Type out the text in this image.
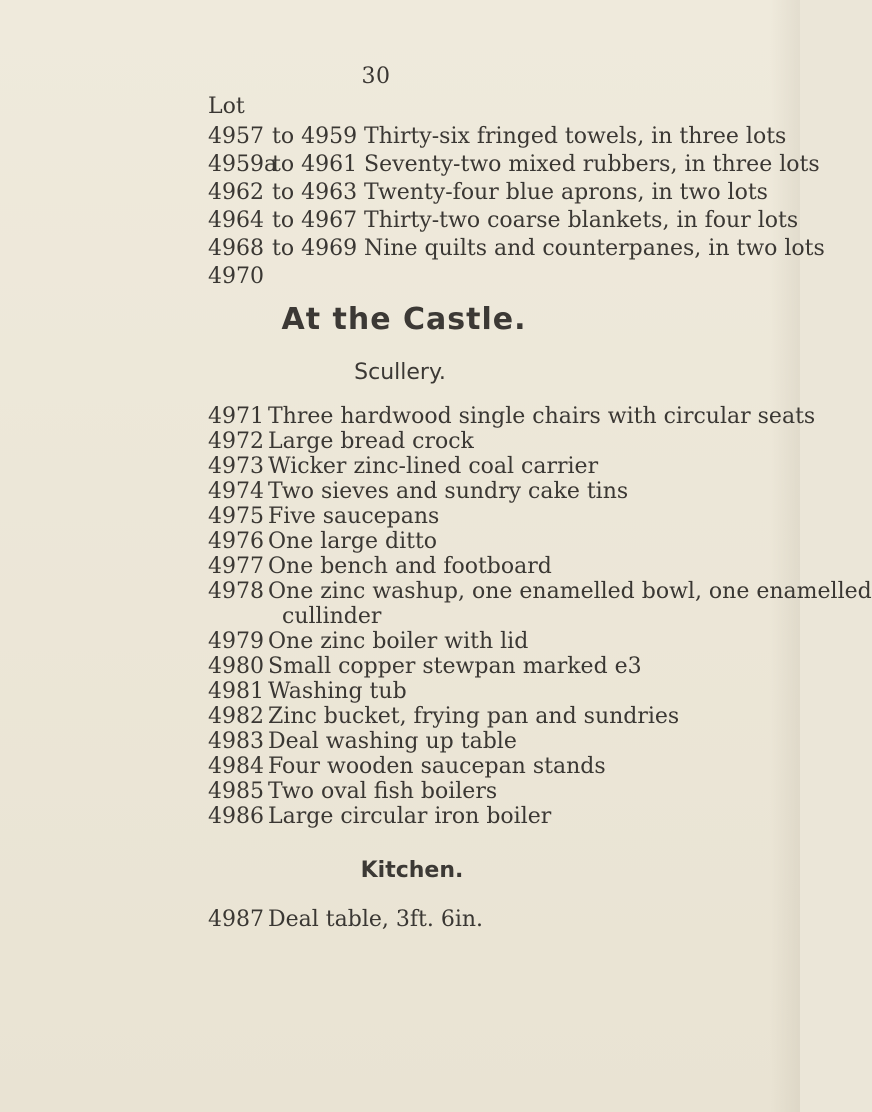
30
Lot
4957 to 4959 Thirty-six fringed towels, in three lots
4959ato 4961 Seventy-two mixed rubbers, in three lots
4962 to 4963 Twenty-four blue aprons, in two lots
4964 to 4967 Thirty-two coarse blankets, in four lots
4968 to 4969 Nine quilts and counterpanes, in two lots
4970
At the Castle.
Scullery.
4971 Three hardwood single chairs with circular seats
4972 Large bread crock
4973 Wicker zinc-lined coal carrier
4974 Two sieves and sundry cake tins
4975 Five saucepans
4976 One large ditto
4977 One bench and footboard
4978 One zinc washup, one enamelled bowl, one enamelled
cullinder
4979 One zinc boiler with lid
4980 Small copper stewpan marked e3
4981 Washing tub
4982 Zinc bucket, frying pan and sundries
4983 Deal washing up table
4984 Four wooden saucepan stands
4985 Two oval fish boilers
4986 Large circular iron boiler
Kitchen.
4987 Deal table, 3ft. 6in.
